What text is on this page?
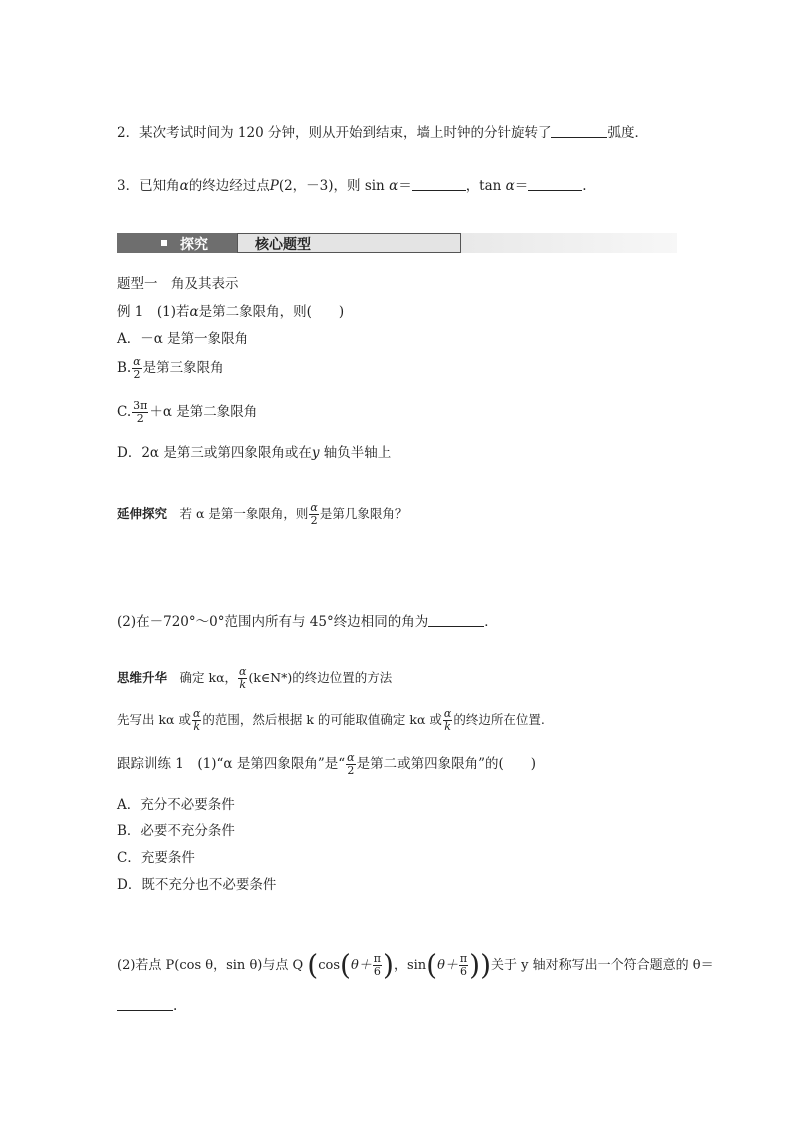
2．某次考试时间为 120 分钟，则从开始到结束，墙上时钟的分针旋转了	弧度．
3．已知角α的终边经过点P(2，－3)，则 sin α＝	，tan α＝	.
探究	核心题型
题型一　角及其表示
例 1　 (1)若α是第二象限角，则(　　)
A．－α 是第一象限角
B. $\frac{\alpha}{2}$ 是第三象限角
C. $\frac{3\pi}{2} +\alpha$ 是第二象限角
D．2α 是第三或第四象限角或在y 轴负半轴上
延伸探究　 若 α 是第一象限角，则 $\frac{\alpha}{2}$ 是第几象限角？
(2)在－720°～0°范围内所有与 45°终边相同的角为	．
思维升华　 确定 kα， $\frac{\alpha}{k}$ (k∈N*)的终边位置的方法
先写出 kα 或 $\frac{\alpha}{k}$ 的范围，然后根据 k 的可能取值确定 kα 或 $\frac{\alpha}{k}$ 的终边所在位置.
跟踪训练 1　 (1)“α 是第四象限角”是“ $\frac{\alpha}{2}$ 是第二或第四象限角”的(　　)
A．充分不必要条件
B．必要不充分条件
C．充要条件
D．既不充分也不必要条件
(2)若点 P(cos θ，sin θ)与点 Q ($\cos(\theta+ \frac{\pi}{6}$ )，$\sin(\theta+ \frac{\pi}{6}$ ))关于 y 轴对称写出一个符合题意的 θ＝
.
